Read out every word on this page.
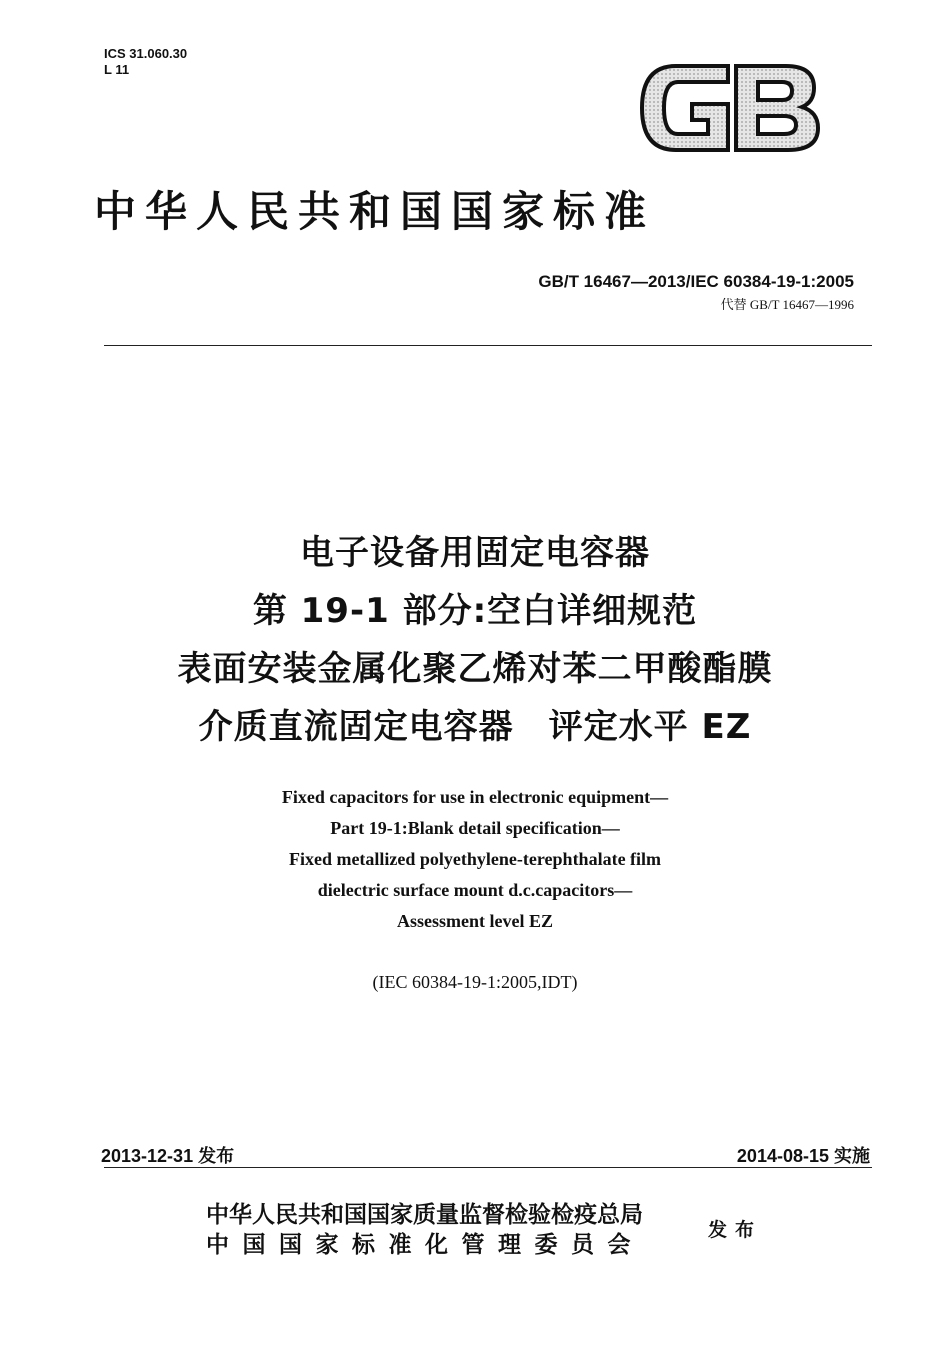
ICS 31.060.30
L 11
中华人民共和国国家标准
GB/T 16467—2013/IEC 60384-19-1:2005
代替 GB/T 16467—1996
电子设备用固定电容器
第 19-1 部分:空白详细规范
表面安装金属化聚乙烯对苯二甲酸酯膜
介质直流固定电容器　评定水平 EZ
Fixed capacitors for use in electronic equipment—
Part 19-1:Blank detail specification—
Fixed metallized polyethylene-terephthalate film
dielectric surface mount d.c.capacitors—
Assessment level EZ
(IEC 60384-19-1:2005,IDT)
2013-12-31 发布	2014-08-15 实施
中华人民共和国国家质量监督检验检疫总局
中国国家标准化管理委员会
发布
